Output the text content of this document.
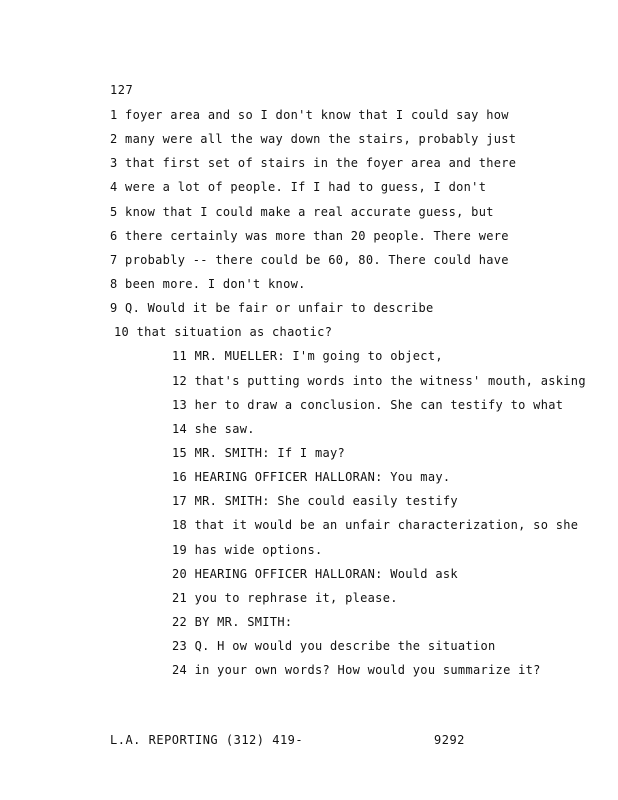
127
1 foyer area and so I don't know that I could say how
2 many were all the way down the stairs, probably just
3 that first set of stairs in the foyer area and there
4 were a lot of people. If I had to guess, I don't
5 know that I could make a real accurate guess, but
6 there certainly was more than 20 people. There were
7 probably -- there could be 60, 80. There could have
8 been more. I don't know.
9 Q. Would it be fair or unfair to describe
10 that situation as chaotic?
11 MR. MUELLER: I'm going to object,
12 that's putting words into the witness' mouth, asking
13 her to draw a conclusion. She can testify to what
14 she saw.
15 MR. SMITH: If I may?
16 HEARING OFFICER HALLORAN: You may.
17 MR. SMITH: She could easily testify
18 that it would be an unfair characterization, so she
19 has wide options.
20 HEARING OFFICER HALLORAN: Would ask
21 you to rephrase it, please.
22 BY MR. SMITH:
23 Q. H ow would you describe the situation
24 in your own words? How would you summarize it?
L.A. REPORTING (312) 419-	9292
